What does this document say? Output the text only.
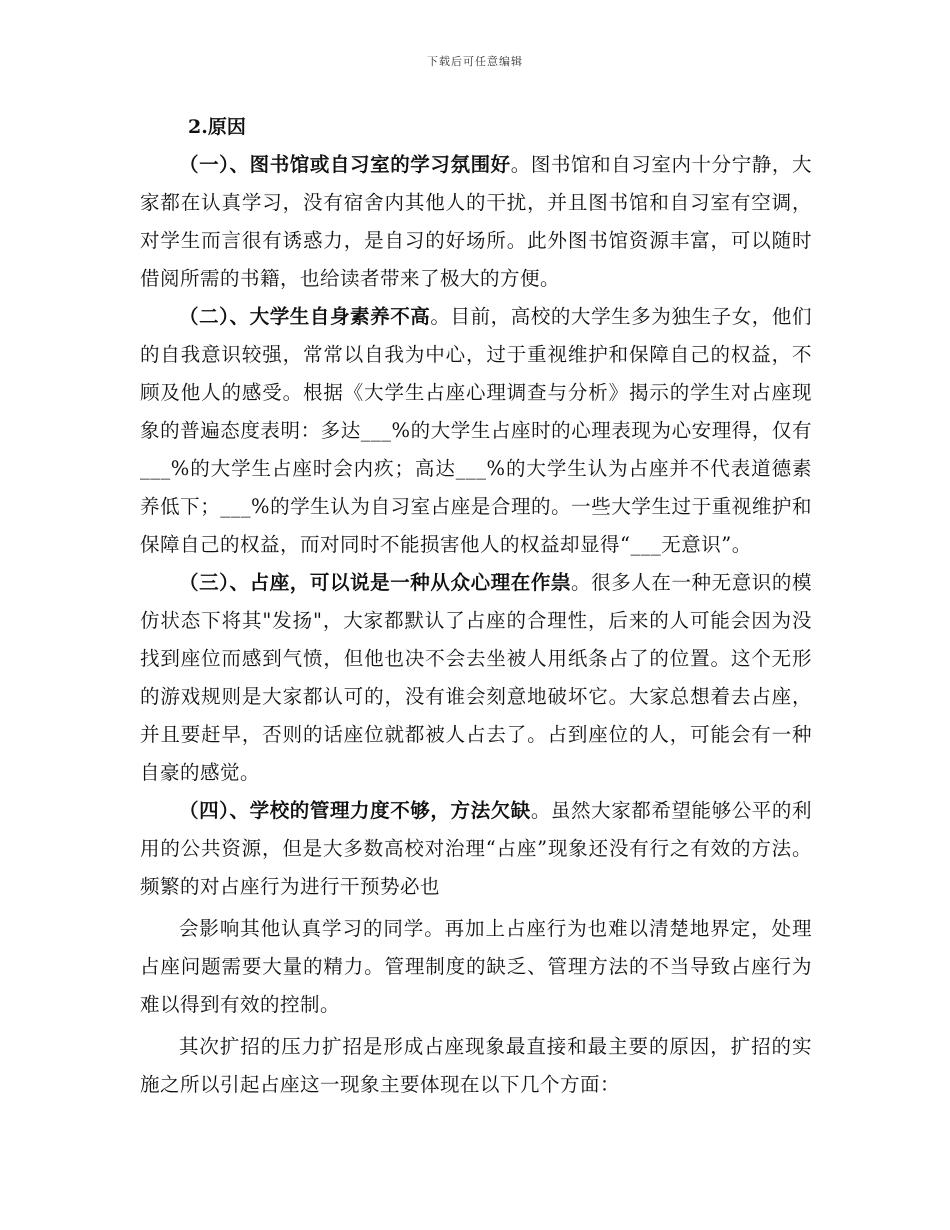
下载后可任意编辑

2.原因

（一）、图书馆或自习室的学习氛围好。图书馆和自习室内十分宁静，大家都在认真学习，没有宿舍内其他人的干扰，并且图书馆和自习室有空调，对学生而言很有诱惑力，是自习的好场所。此外图书馆资源丰富，可以随时借阅所需的书籍，也给读者带来了极大的方便。

（二）、大学生自身素养不高。目前，高校的大学生多为独生子女，他们的自我意识较强，常常以自我为中心，过于重视维护和保障自己的权益，不顾及他人的感受。根据《大学生占座心理调查与分析》揭示的学生对占座现象的普遍态度表明：多达___%的大学生占座时的心理表现为心安理得，仅有___%的大学生占座时会内疚；高达___%的大学生认为占座并不代表道德素养低下；___%的学生认为自习室占座是合理的。一些大学生过于重视维护和保障自己的权益，而对同时不能损害他人的权益却显得“___无意识”。

（三）、占座，可以说是一种从众心理在作祟。很多人在一种无意识的模仿状态下将其"发扬"，大家都默认了占座的合理性，后来的人可能会因为没找到座位而感到气愤，但他也决不会去坐被人用纸条占了的位置。这个无形的游戏规则是大家都认可的，没有谁会刻意地破坏它。大家总想着去占座，并且要赶早，否则的话座位就都被人占去了。占到座位的人，可能会有一种自豪的感觉。

（四）、学校的管理力度不够，方法欠缺。虽然大家都希望能够公平的利用的公共资源，但是大多数高校对治理“占座”现象还没有行之有效的方法。频繁的对占座行为进行干预势必也

会影响其他认真学习的同学。再加上占座行为也难以清楚地界定，处理占座问题需要大量的精力。管理制度的缺乏、管理方法的不当导致占座行为难以得到有效的控制。

其次扩招的压力扩招是形成占座现象最直接和最主要的原因，扩招的实施之所以引起占座这一现象主要体现在以下几个方面：
